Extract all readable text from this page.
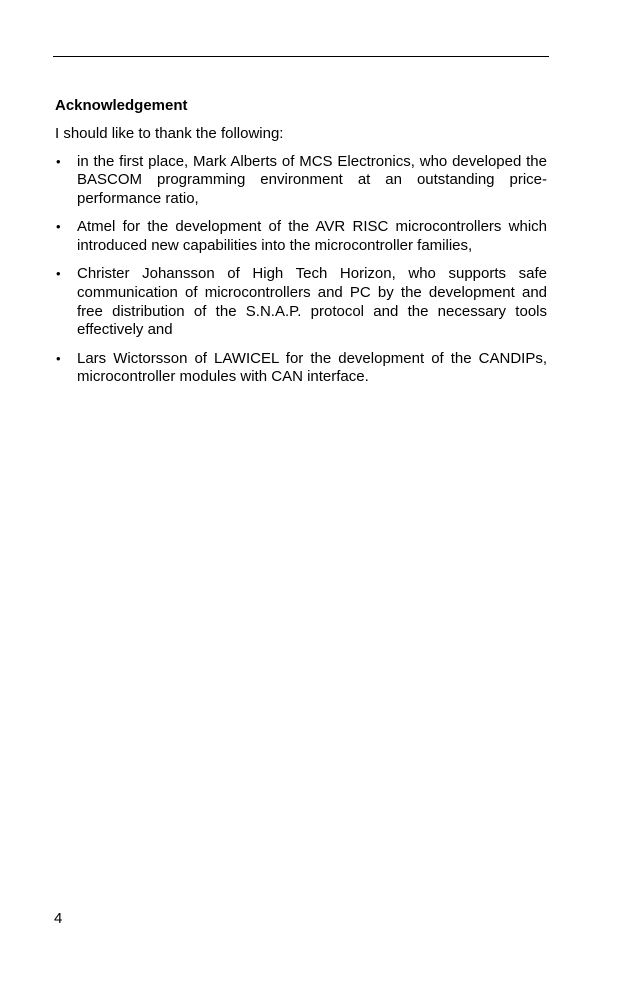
Acknowledgement
I should like to thank the following:
• in the first place, Mark Alberts of MCS Electronics, who developed the BASCOM programming environment at an outstanding price-performance ratio,
• Atmel for the development of the AVR RISC microcontrollers which introduced new capabilities into the microcontroller families,
• Christer Johansson of High Tech Horizon, who supports safe communication of microcontrollers and PC by the development and free distribution of the S.N.A.P. protocol and the necessary tools effectively and
• Lars Wictorsson of LAWICEL for the development of the CANDIPs, microcontroller modules with CAN interface.
4
